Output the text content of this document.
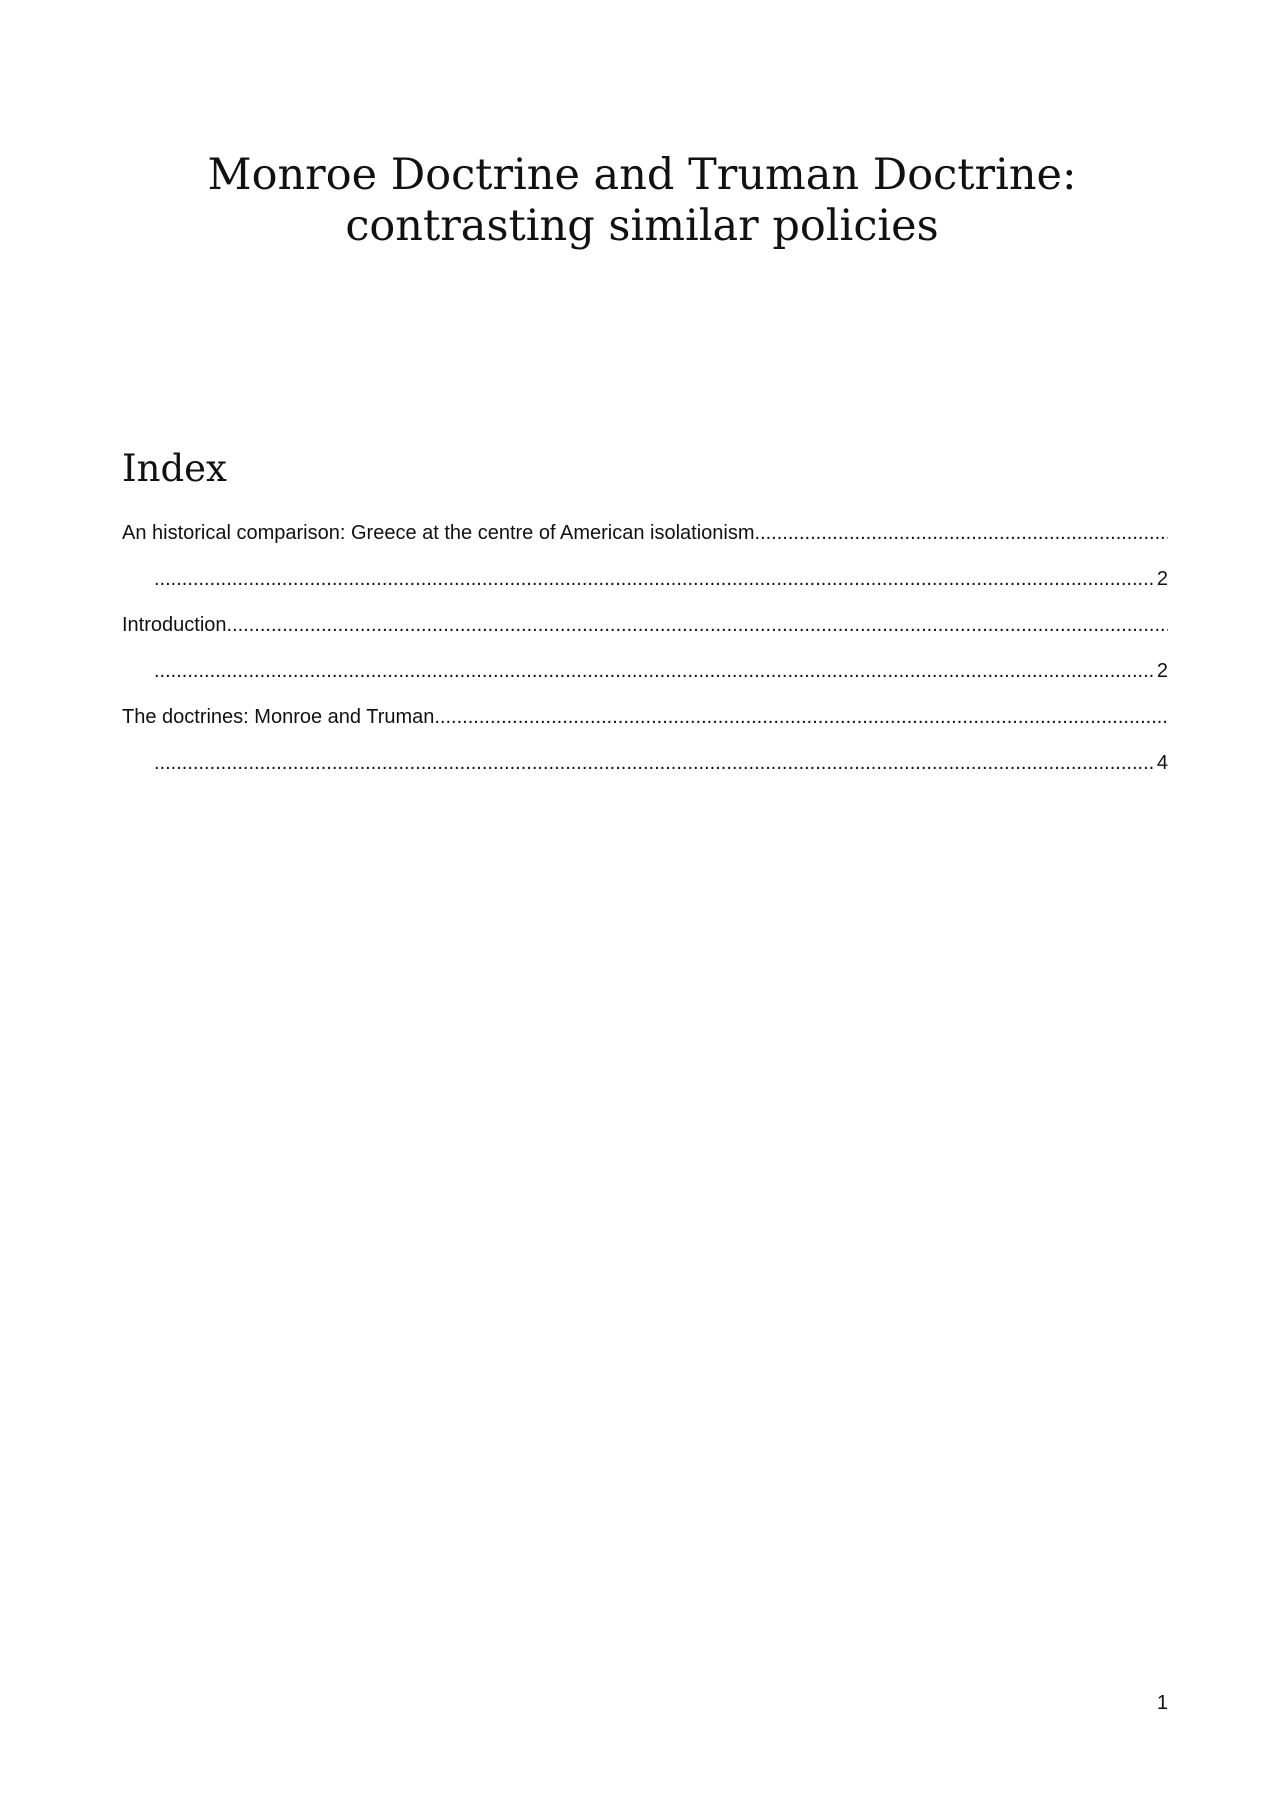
Monroe Doctrine and Truman Doctrine:
contrasting similar policies
Index
An historical comparison: Greece at the centre of American isolationism
.....
.....
2
Introduction
.....
.....
2
The doctrines: Monroe and Truman
.....
.....
4
1
